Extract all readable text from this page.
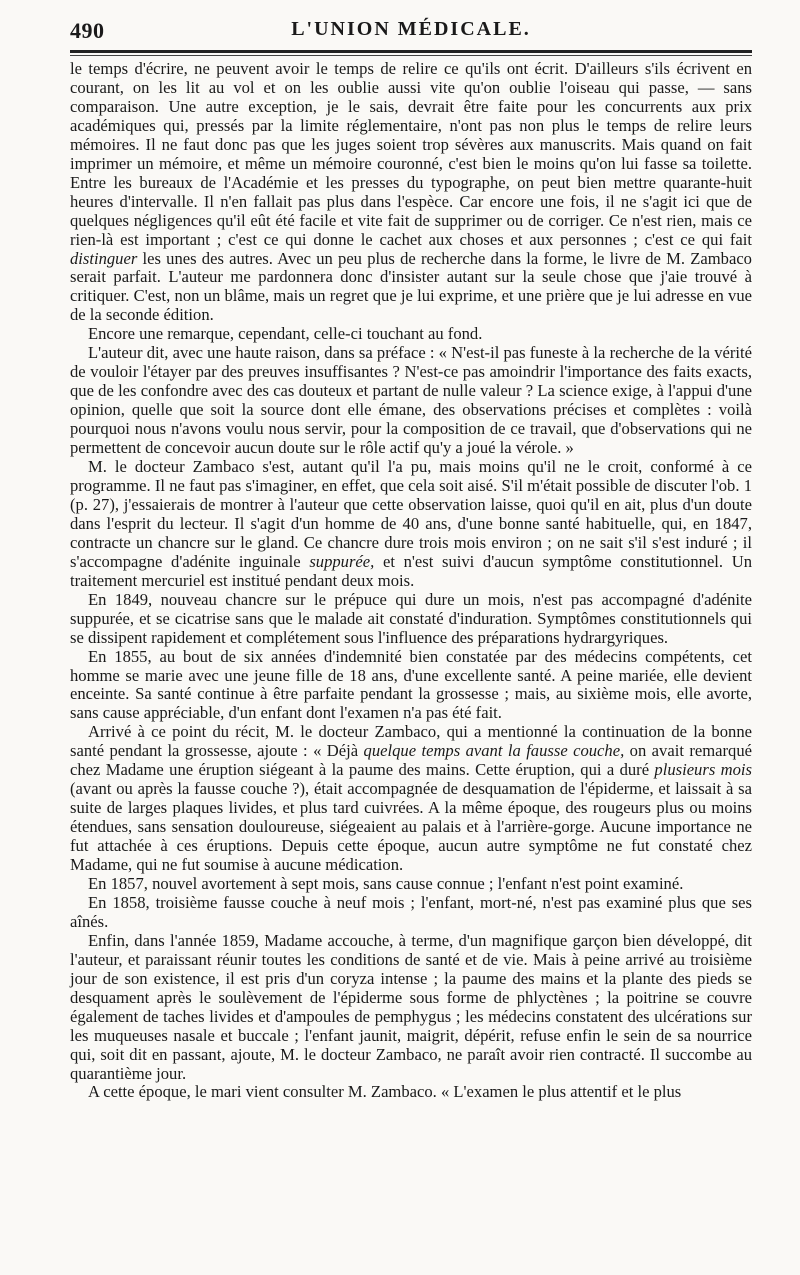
490	L'UNION MÉDICALE.

le temps d'écrire, ne peuvent avoir le temps de relire ce qu'ils ont écrit. D'ailleurs s'ils écrivent en courant, on les lit au vol et on les oublie aussi vite qu'on oublie l'oiseau qui passe, — sans comparaison. Une autre exception, je le sais, devrait être faite pour les concurrents aux prix académiques qui, pressés par la limite réglementaire, n'ont pas non plus le temps de relire leurs mémoires. Il ne faut donc pas que les juges soient trop sévères aux manuscrits. Mais quand on fait imprimer un mémoire, et même un mémoire couronné, c'est bien le moins qu'on lui fasse sa toilette. Entre les bureaux de l'Académie et les presses du typographe, on peut bien mettre quarante-huit heures d'intervalle. Il n'en fallait pas plus dans l'espèce. Car encore une fois, il ne s'agit ici que de quelques négligences qu'il eût été facile et vite fait de supprimer ou de corriger. Ce n'est rien, mais ce rien-là est important ; c'est ce qui donne le cachet aux choses et aux personnes ; c'est ce qui fait distinguer les unes des autres. Avec un peu plus de recherche dans la forme, le livre de M. Zambaco serait parfait. L'auteur me pardonnera donc d'insister autant sur la seule chose que j'aie trouvé à critiquer. C'est, non un blâme, mais un regret que je lui exprime, et une prière que je lui adresse en vue de la seconde édition.

Encore une remarque, cependant, celle-ci touchant au fond.

L'auteur dit, avec une haute raison, dans sa préface : « N'est-il pas funeste à la recherche de la vérité de vouloir l'étayer par des preuves insuffisantes ? N'est-ce pas amoindrir l'importance des faits exacts, que de les confondre avec des cas douteux et partant de nulle valeur ? La science exige, à l'appui d'une opinion, quelle que soit la source dont elle émane, des observations précises et complètes : voilà pourquoi nous n'avons voulu nous servir, pour la composition de ce travail, que d'observations qui ne permettent de concevoir aucun doute sur le rôle actif qu'y a joué la vérole. »

M. le docteur Zambaco s'est, autant qu'il l'a pu, mais moins qu'il ne le croit, conformé à ce programme. Il ne faut pas s'imaginer, en effet, que cela soit aisé. S'il m'était possible de discuter l'ob. 1 (p. 27), j'essaierais de montrer à l'auteur que cette observation laisse, quoi qu'il en ait, plus d'un doute dans l'esprit du lecteur. Il s'agit d'un homme de 40 ans, d'une bonne santé habituelle, qui, en 1847, contracte un chancre sur le gland. Ce chancre dure trois mois environ ; on ne sait s'il s'est induré ; il s'accompagne d'adénite inguinale suppurée, et n'est suivi d'aucun symptôme constitutionnel. Un traitement mercuriel est institué pendant deux mois.

En 1849, nouveau chancre sur le prépuce qui dure un mois, n'est pas accompagné d'adénite suppurée, et se cicatrise sans que le malade ait constaté d'induration. Symptômes constitutionnels qui se dissipent rapidement et complétement sous l'influence des préparations hydrargyriques.

En 1855, au bout de six années d'indemnité bien constatée par des médecins compétents, cet homme se marie avec une jeune fille de 18 ans, d'une excellente santé. A peine mariée, elle devient enceinte. Sa santé continue à être parfaite pendant la grossesse ; mais, au sixième mois, elle avorte, sans cause appréciable, d'un enfant dont l'examen n'a pas été fait.

Arrivé à ce point du récit, M. le docteur Zambaco, qui a mentionné la continuation de la bonne santé pendant la grossesse, ajoute : « Déjà quelque temps avant la fausse couche, on avait remarqué chez Madame une éruption siégeant à la paume des mains. Cette éruption, qui a duré plusieurs mois (avant ou après la fausse couche ?), était accompagnée de desquamation de l'épiderme, et laissait à sa suite de larges plaques livides, et plus tard cuivrées. A la même époque, des rougeurs plus ou moins étendues, sans sensation douloureuse, siégeaient au palais et à l'arrière-gorge. Aucune importance ne fut attachée à ces éruptions. Depuis cette époque, aucun autre symptôme ne fut constaté chez Madame, qui ne fut soumise à aucune médication.

En 1857, nouvel avortement à sept mois, sans cause connue ; l'enfant n'est point examiné.

En 1858, troisième fausse couche à neuf mois ; l'enfant, mort-né, n'est pas examiné plus que ses aînés.

Enfin, dans l'année 1859, Madame accouche, à terme, d'un magnifique garçon bien développé, dit l'auteur, et paraissant réunir toutes les conditions de santé et de vie. Mais à peine arrivé au troisième jour de son existence, il est pris d'un coryza intense ; la paume des mains et la plante des pieds se desquament après le soulèvement de l'épiderme sous forme de phlyctènes ; la poitrine se couvre également de taches livides et d'ampoules de pemphygus ; les médecins constatent des ulcérations sur les muqueuses nasale et buccale ; l'enfant jaunit, maigrit, dépérit, refuse enfin le sein de sa nourrice qui, soit dit en passant, ajoute, M. le docteur Zambaco, ne paraît avoir rien contracté. Il succombe au quarantième jour.

A cette époque, le mari vient consulter M. Zambaco. « L'examen le plus attentif et le plus
